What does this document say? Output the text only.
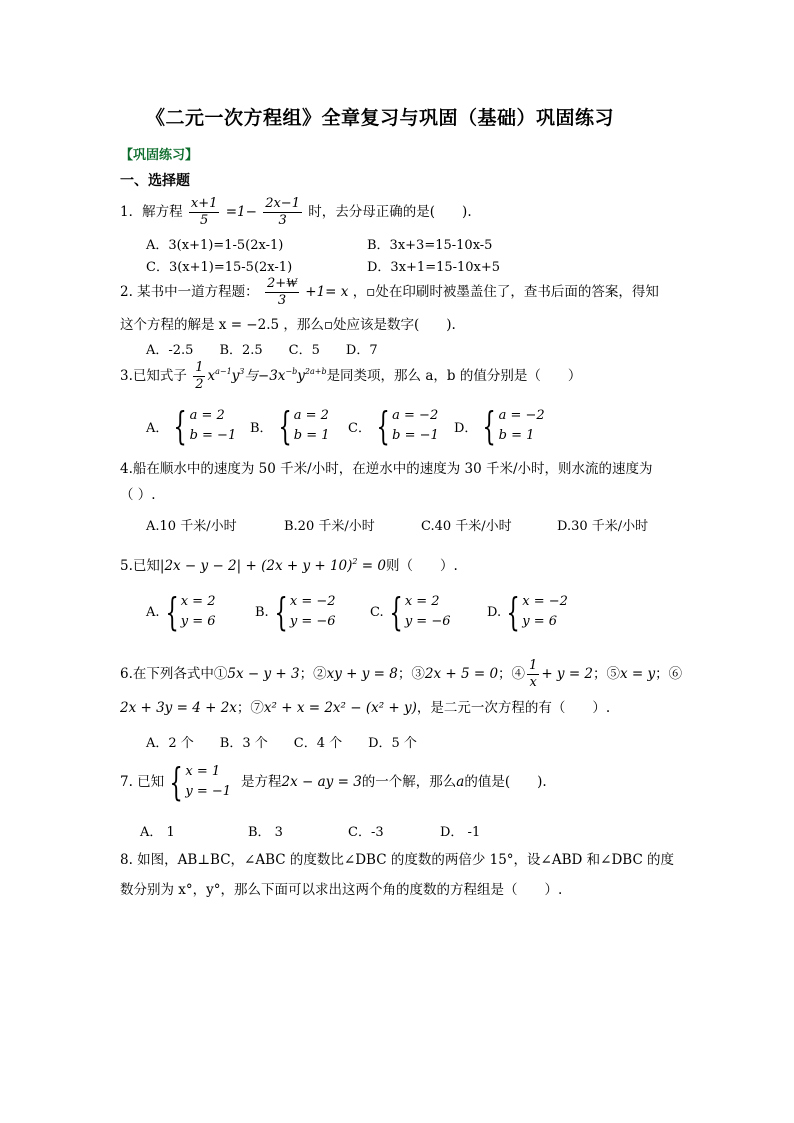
《二元一次方程组》全章复习与巩固（基础）巩固练习
【巩固练习】
一、选择题
1．解方程 $\frac{x+1}{5} =1- \frac{2x-1}{3}$ 时，去分母正确的是(　　).
A．3(x+1)=1-5(2x-1)	B．3x+3=15-10x-5
C．3(x+1)=15-5(2x-1)	D．3x+1=15-10x+5
2. 某书中一道方程题： $\frac{2+₩}{3} +1= x$ ，▫处在印刷时被墨盖住了，查书后面的答案，得知
这个方程的解是 x = −2.5 ，那么▫处应该是数字(　　).
A．-2.5　　B．2.5　　C．5　　D．7
3.已知式子 $\frac{1}{2} x^{a-1}y^3$与$-3x^{-b}y^{2a+b}$是同类项，那么 a，b 的值分别是（　　）
A． { a = 2
b = −1 B． { a = 2
b = 1 C． { a = −2
b = −1 D． { a = −2
b = 1
4.船在顺水中的速度为 50 千米/小时，在逆水中的速度为 30 千米/小时，则水流的速度为
（ ）.
A.10 千米/小时	B.20 千米/小时	C.40 千米/小时	D.30 千米/小时
5.已知$|2x - y - 2| + (2x + y + 10)^2 = 0$则（　　）.
A. { x = 2
y = 6
B. { x = −2
y = −6
C. { x = 2
y = −6
D. { x = −2
y = 6
6.在下列各式中①5x − y + 3；②xy + y = 8；③2x + 5 = 0；④ $\frac{1}{x} + y = 2$；⑤x = y；⑥
2x + 3y = 4 + 2x；⑦x² + x = 2x² − (x² + y)，是二元一次方程的有（　　）.
A．2 个　　B．3 个　　C．4 个　　D．5 个
7. 已知 { x = 1
y = −1
是方程 2x − ay = 3 的一个解，那么 a 的值是(　　).
A． 1	B． 3	C．-3	D． -1
8. 如图，AB⊥BC，∠ABC 的度数比∠DBC 的度数的两倍少 15°，设∠ABD 和∠DBC 的度
数分别为 x°，y°，那么下面可以求出这两个角的度数的方程组是（　　）.
